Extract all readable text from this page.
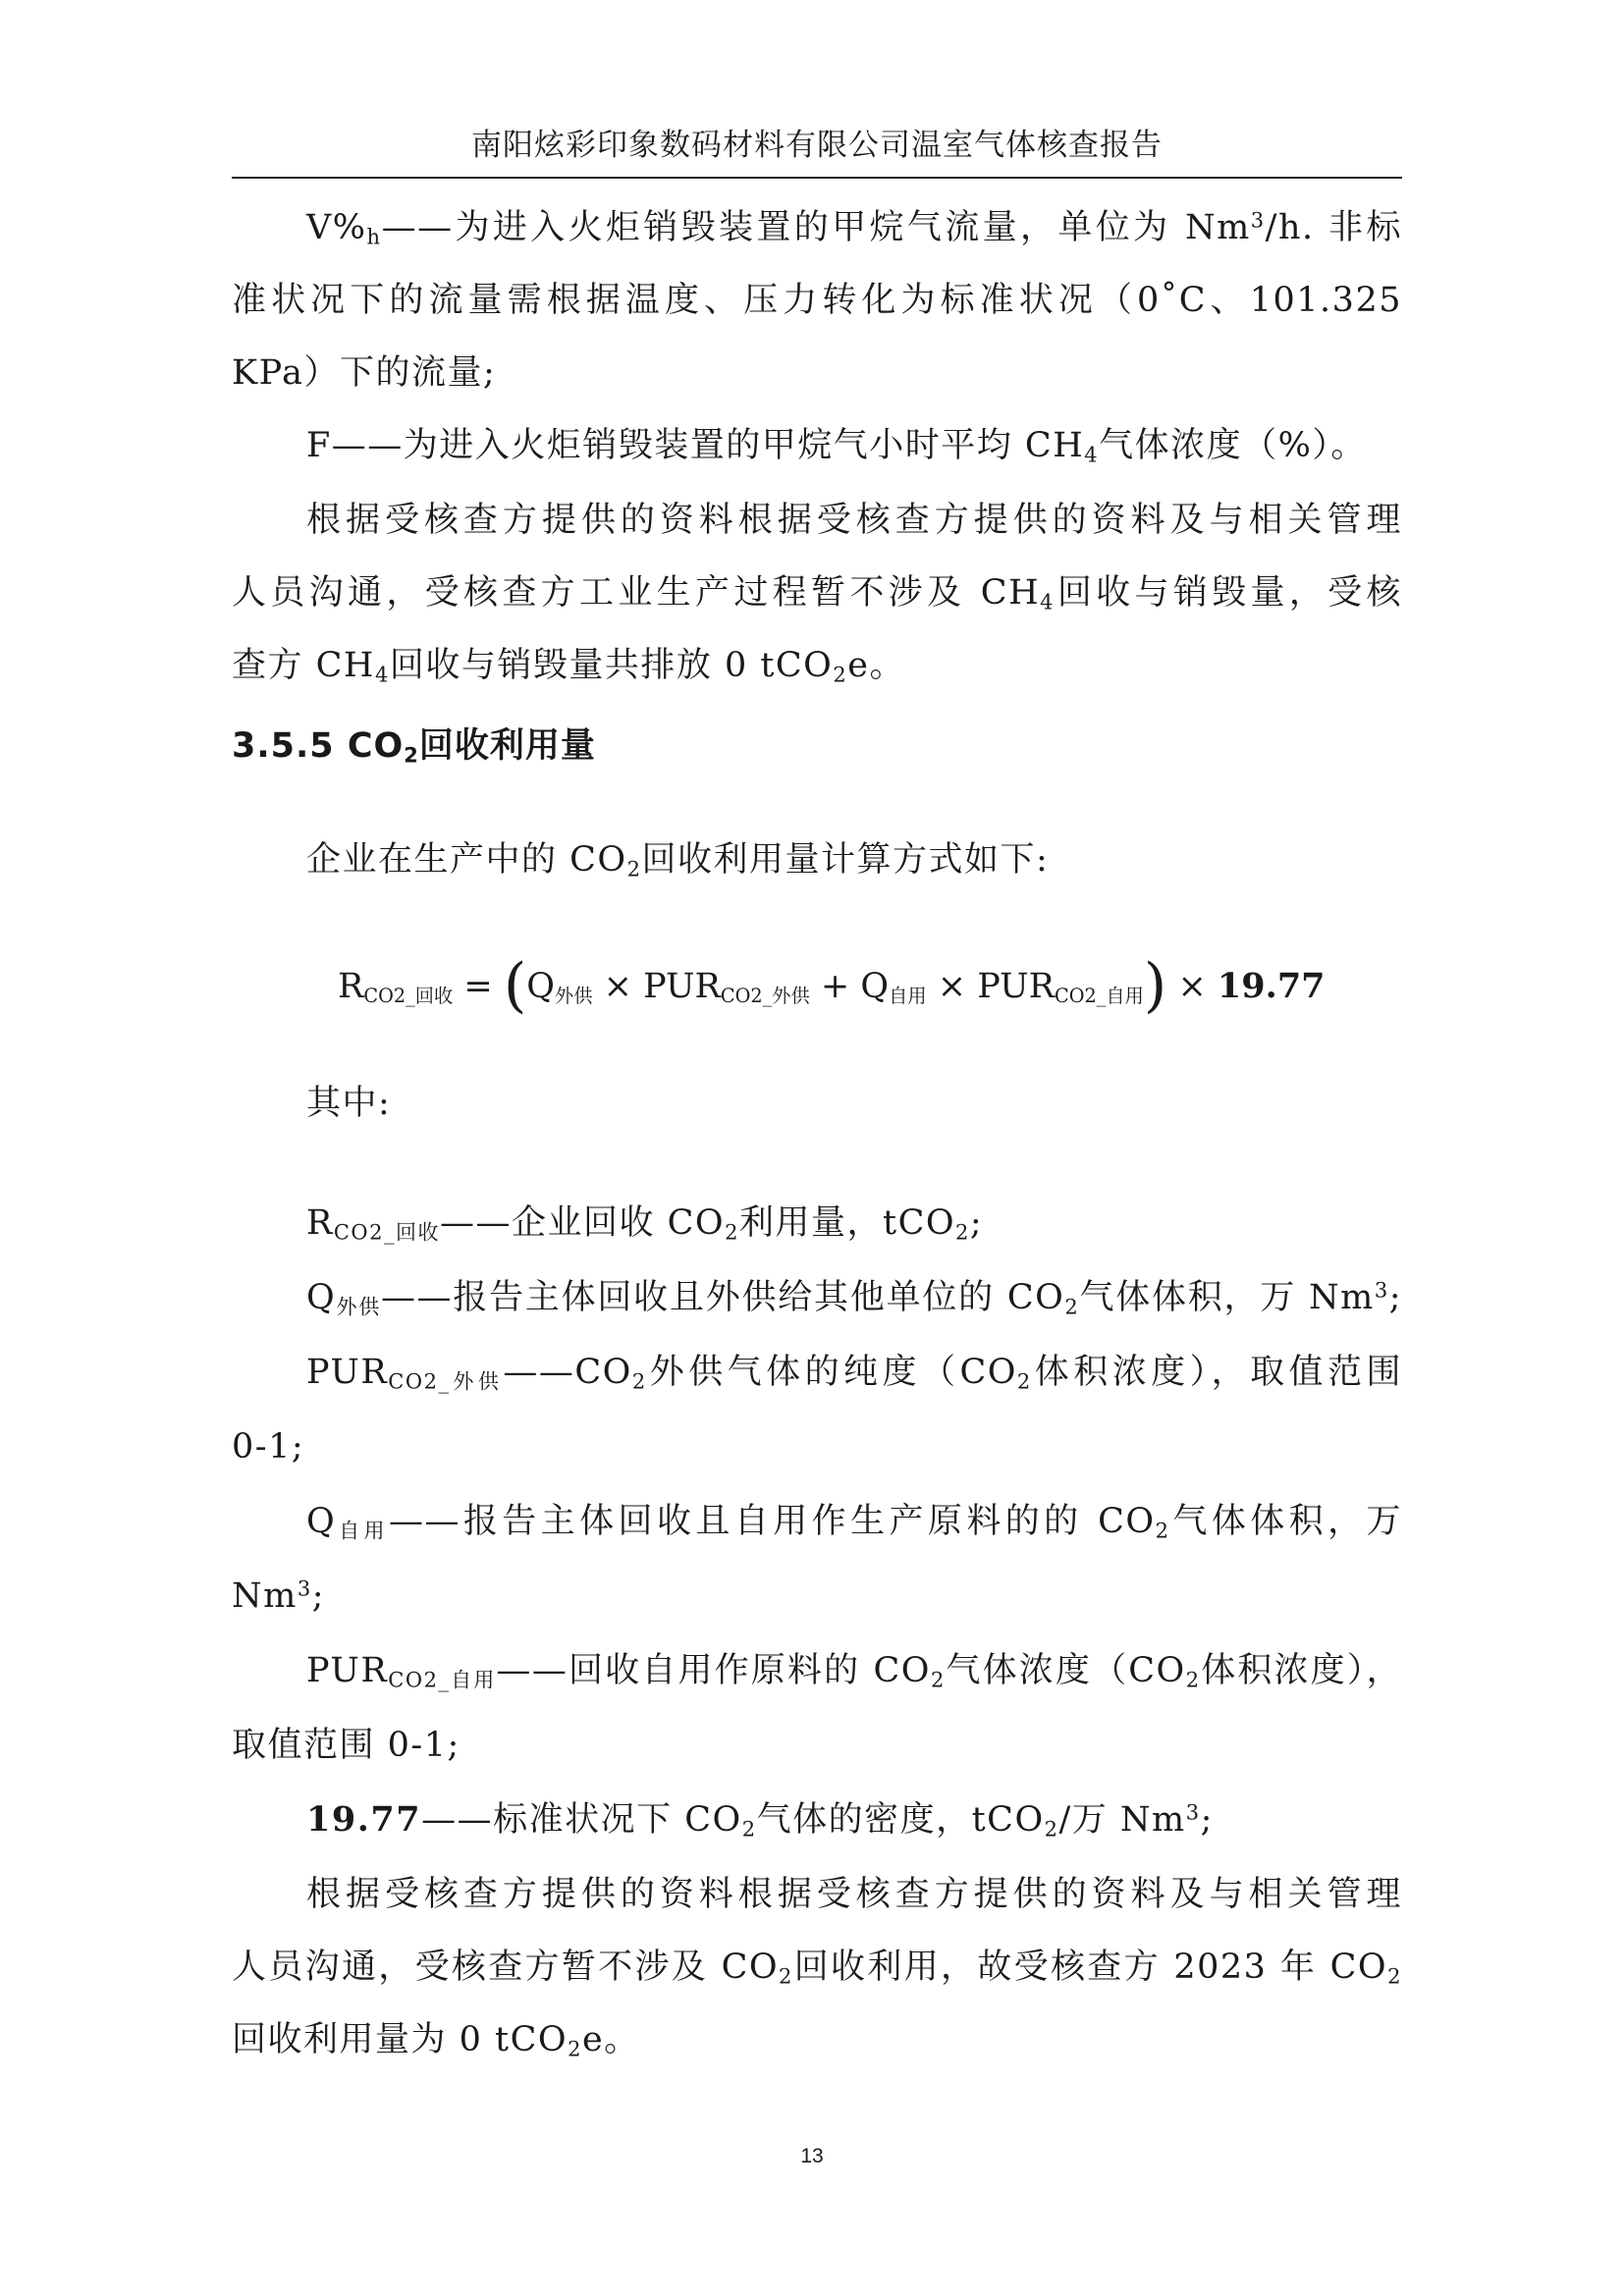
南阳炫彩印象数码材料有限公司温室气体核查报告
$V\%_h——$为进入火炬销毁装置的甲烷气流量，单位为 Nm$^3$/h. 非标
准状况下的流量需根据温度、压力转化为标准状况（0˚C、101.325
KPa）下的流量;
F——为进入火炬销毁装置的甲烷气小时平均 $CH_4$气体浓度（%）。
根据受核查方提供的资料根据受核查方提供的资料及与相关管理
人员沟通，受核查方工业生产过程暂不涉及 $CH_4$回收与销毁量，受核
查方 $CH_4$回收与销毁量共排放 0 tCO$_2$e。
3.5.5 $CO_2$回收利用量
企业在生产中的 $CO_2$回收利用量计算方式如下:
$R_{CO2\_回收} = (Q_{外供} \times PUR_{CO2\_外供} + Q_{自用} \times PUR_{CO2\_自用}) \times 19.77$
其中:
$R_{CO2\_回收}——$企业回收 $CO_2$利用量，tCO$_2$;
$Q_{外供}——$报告主体回收且外供给其他单位的 $CO_2$气体体积，万 Nm$^3$;
$PUR_{CO2\_外供}——CO_2$外供气体的纯度（$CO_2$体积浓度），取值范围
0-1;
$Q_{自用}——$报告主体回收且自用作生产原料的的 $CO_2$气体体积，万
Nm$^3$;
$PUR_{CO2\_自用}——$回收自用作原料的 $CO_2$气体浓度（$CO_2$体积浓度），
取值范围 0-1;
19.77——标准状况下 $CO_2$气体的密度，tCO$_2$/万 Nm$^3$;
根据受核查方提供的资料根据受核查方提供的资料及与相关管理
人员沟通，受核查方暂不涉及 $CO_2$回收利用，故受核查方 2023 年 $CO_2$
回收利用量为 0 tCO$_2$e。
13
